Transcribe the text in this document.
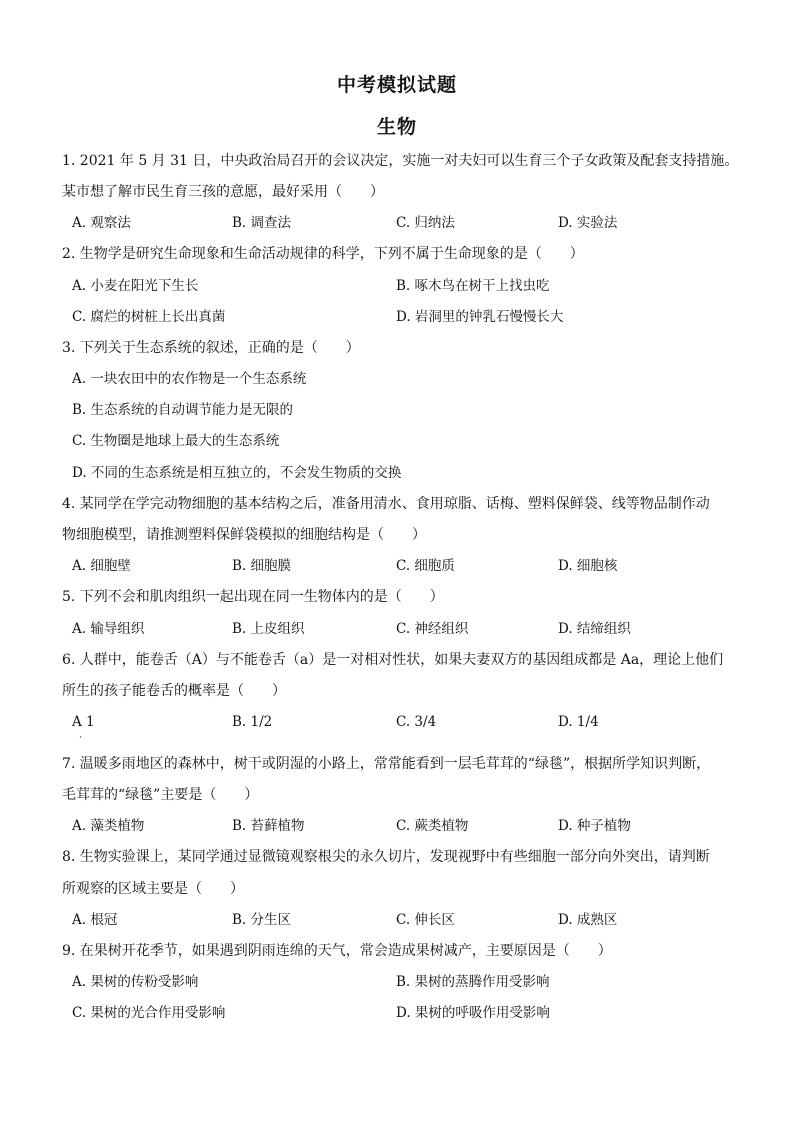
中考模拟试题
生物
1. 2021 年 5 月 31 日，中央政治局召开的会议决定，实施一对夫妇可以生育三个子女政策及配套支持措施。
某市想了解市民生育三孩的意愿，最好采用（　　）
A. 观察法	B. 调查法	C. 归纳法	D. 实验法
2. 生物学是研究生命现象和生命活动规律的科学，下列不属于生命现象的是（　　）
A. 小麦在阳光下生长	B. 啄木鸟在树干上找虫吃
C. 腐烂的树桩上长出真菌	D. 岩洞里的钟乳石慢慢长大
3. 下列关于生态系统的叙述，正确的是（　　）
A. 一块农田中的农作物是一个生态系统
B. 生态系统的自动调节能力是无限的
C. 生物圈是地球上最大的生态系统
D. 不同的生态系统是相互独立的，不会发生物质的交换
4. 某同学在学完动物细胞的基本结构之后，准备用清水、食用琼脂、话梅、塑料保鲜袋、线等物品制作动
物细胞模型，请推测塑料保鲜袋模拟的细胞结构是（　　）
A. 细胞壁	B. 细胞膜	C. 细胞质	D. 细胞核
5. 下列不会和肌肉组织一起出现在同一生物体内的是（　　）
A. 输导组织	B. 上皮组织	C. 神经组织	D. 结缔组织
6. 人群中，能卷舌（A）与不能卷舌（a）是一对相对性状，如果夫妻双方的基因组成都是 Aa，理论上他们
所生的孩子能卷舌的概率是（　　）
A 1	B. 1/2	C. 3/4	D. 1/4
·
7. 温暖多雨地区的森林中，树干或阴湿的小路上，常常能看到一层毛茸茸的“绿毯”，根据所学知识判断，
毛茸茸的“绿毯”主要是（　　）
A. 藻类植物	B. 苔藓植物	C. 蕨类植物	D. 种子植物
8. 生物实验课上，某同学通过显微镜观察根尖的永久切片，发现视野中有些细胞一部分向外突出，请判断
所观察的区域主要是（　　）
A. 根冠	B. 分生区	C. 伸长区	D. 成熟区
9. 在果树开花季节，如果遇到阴雨连绵的天气，常会造成果树减产，主要原因是（　　）
A. 果树的传粉受影响	B. 果树的蒸腾作用受影响
C. 果树的光合作用受影响	D. 果树的呼吸作用受影响
